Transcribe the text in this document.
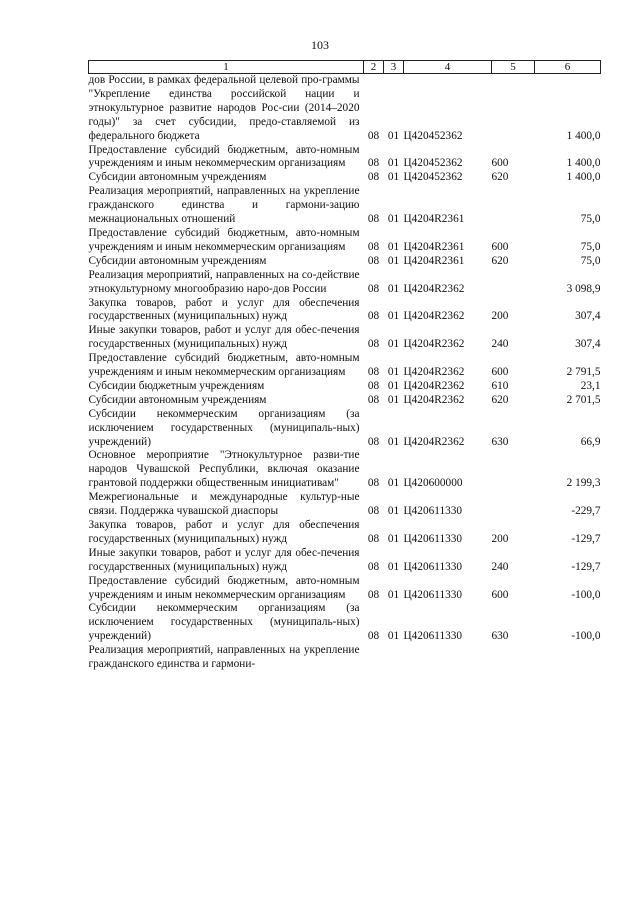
103
1	2	3	4	5	6
дов России, в рамках федеральной целевой про-граммы "Укрепление единства российской нации и этнокультурное развитие народов Рос-сии (2014–2020 годы)" за счет субсидии, предо-ставляемой из федерального бюджета	08	01	Ц420452362		1 400,0
Предоставление субсидий бюджетным, авто-номным учреждениям и иным некоммерческим организациям	08	01	Ц420452362	600	1 400,0
Субсидии автономным учреждениям	08	01	Ц420452362	620	1 400,0
Реализация мероприятий, направленных на укрепление гражданского единства и гармони-зацию межнациональных отношений	08	01	Ц4204R2361		75,0
Предоставление субсидий бюджетным, авто-номным учреждениям и иным некоммерческим организациям	08	01	Ц4204R2361	600	75,0
Субсидии автономным учреждениям	08	01	Ц4204R2361	620	75,0
Реализация мероприятий, направленных на со-действие этнокультурному многообразию наро-дов России	08	01	Ц4204R2362		3 098,9
Закупка товаров, работ и услуг для обеспечения государственных (муниципальных) нужд	08	01	Ц4204R2362	200	307,4
Иные закупки товаров, работ и услуг для обес-печения государственных (муниципальных) нужд	08	01	Ц4204R2362	240	307,4
Предоставление субсидий бюджетным, авто-номным учреждениям и иным некоммерческим организациям	08	01	Ц4204R2362	600	2 791,5
Субсидии бюджетным учреждениям	08	01	Ц4204R2362	610	23,1
Субсидии автономным учреждениям	08	01	Ц4204R2362	620	2 701,5
Субсидии некоммерческим организациям (за исключением государственных (муниципаль-ных) учреждений)	08	01	Ц4204R2362	630	66,9
Основное мероприятие "Этнокультурное разви-тие народов Чувашской Республики, включая оказание грантовой поддержки общественным инициативам"	08	01	Ц420600000		2 199,3
Межрегиональные и международные культур-ные связи. Поддержка чувашской диаспоры	08	01	Ц420611330		-229,7
Закупка товаров, работ и услуг для обеспечения государственных (муниципальных) нужд	08	01	Ц420611330	200	-129,7
Иные закупки товаров, работ и услуг для обес-печения государственных (муниципальных) нужд	08	01	Ц420611330	240	-129,7
Предоставление субсидий бюджетным, авто-номным учреждениям и иным некоммерческим организациям	08	01	Ц420611330	600	-100,0
Субсидии некоммерческим организациям (за исключением государственных (муниципаль-ных) учреждений)	08	01	Ц420611330	630	-100,0
Реализация мероприятий, направленных на укрепление гражданского единства и гармони-					
